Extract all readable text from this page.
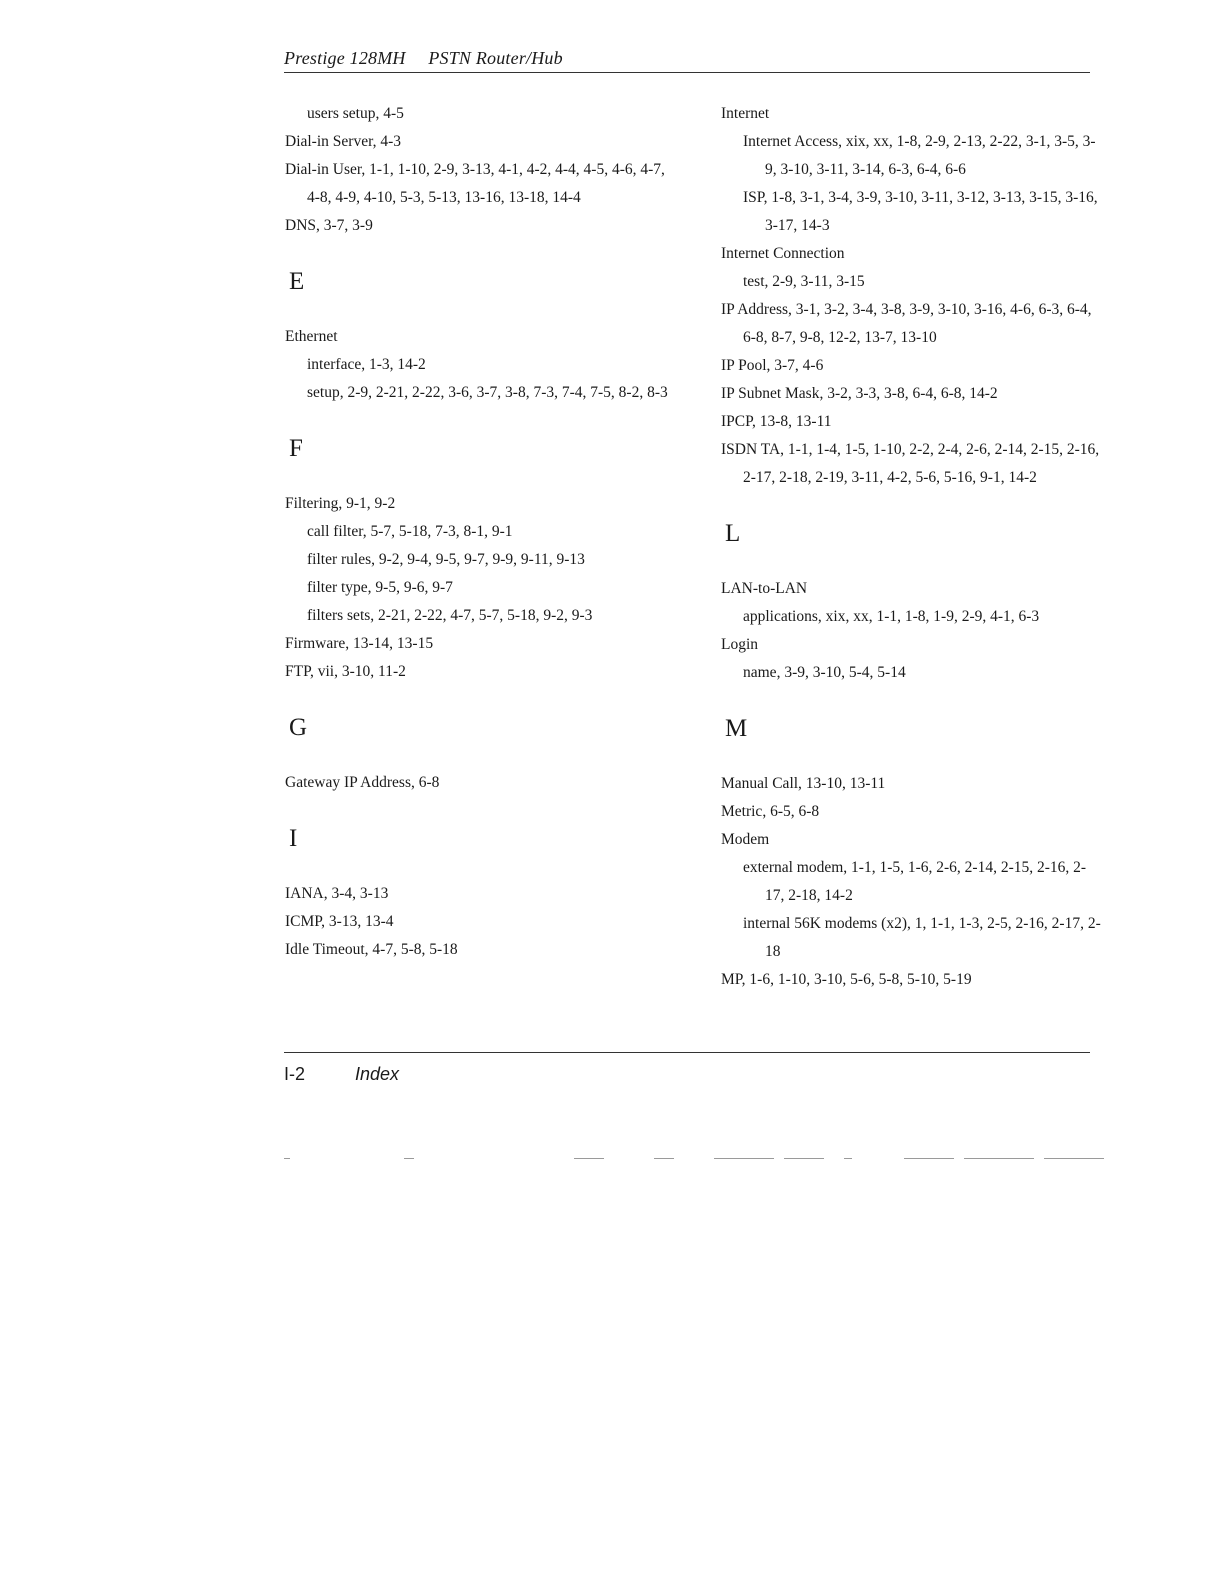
Prestige 128MH PSTN Router/Hub
users setup, 4-5
Dial-in Server, 4-3
Dial-in User, 1-1, 1-10, 2-9, 3-13, 4-1, 4-2, 4-4, 4-5, 4-6, 4-7, 4-8, 4-9, 4-10, 5-3, 5-13, 13-16, 13-18, 14-4
DNS, 3-7, 3-9
E
Ethernet
interface, 1-3, 14-2
setup, 2-9, 2-21, 2-22, 3-6, 3-7, 3-8, 7-3, 7-4, 7-5, 8-2, 8-3
F
Filtering, 9-1, 9-2
call filter, 5-7, 5-18, 7-3, 8-1, 9-1
filter rules, 9-2, 9-4, 9-5, 9-7, 9-9, 9-11, 9-13
filter type, 9-5, 9-6, 9-7
filters sets, 2-21, 2-22, 4-7, 5-7, 5-18, 9-2, 9-3
Firmware, 13-14, 13-15
FTP, vii, 3-10, 11-2
G
Gateway IP Address, 6-8
I
IANA, 3-4, 3-13
ICMP, 3-13, 13-4
Idle Timeout, 4-7, 5-8, 5-18
Internet
Internet Access, xix, xx, 1-8, 2-9, 2-13, 2-22, 3-1, 3-5, 3-9, 3-10, 3-11, 3-14, 6-3, 6-4, 6-6
ISP, 1-8, 3-1, 3-4, 3-9, 3-10, 3-11, 3-12, 3-13, 3-15, 3-16, 3-17, 14-3
Internet Connection
test, 2-9, 3-11, 3-15
IP Address, 3-1, 3-2, 3-4, 3-8, 3-9, 3-10, 3-16, 4-6, 6-3, 6-4, 6-8, 8-7, 9-8, 12-2, 13-7, 13-10
IP Pool, 3-7, 4-6
IP Subnet Mask, 3-2, 3-3, 3-8, 6-4, 6-8, 14-2
IPCP, 13-8, 13-11
ISDN TA, 1-1, 1-4, 1-5, 1-10, 2-2, 2-4, 2-6, 2-14, 2-15, 2-16, 2-17, 2-18, 2-19, 3-11, 4-2, 5-6, 5-16, 9-1, 14-2
L
LAN-to-LAN
applications, xix, xx, 1-1, 1-8, 1-9, 2-9, 4-1, 6-3
Login
name, 3-9, 3-10, 5-4, 5-14
M
Manual Call, 13-10, 13-11
Metric, 6-5, 6-8
Modem
external modem, 1-1, 1-5, 1-6, 2-6, 2-14, 2-15, 2-16, 2-17, 2-18, 14-2
internal 56K modems (x2), 1, 1-1, 1-3, 2-5, 2-16, 2-17, 2-18
MP, 1-6, 1-10, 3-10, 5-6, 5-8, 5-10, 5-19
I-2	Index
